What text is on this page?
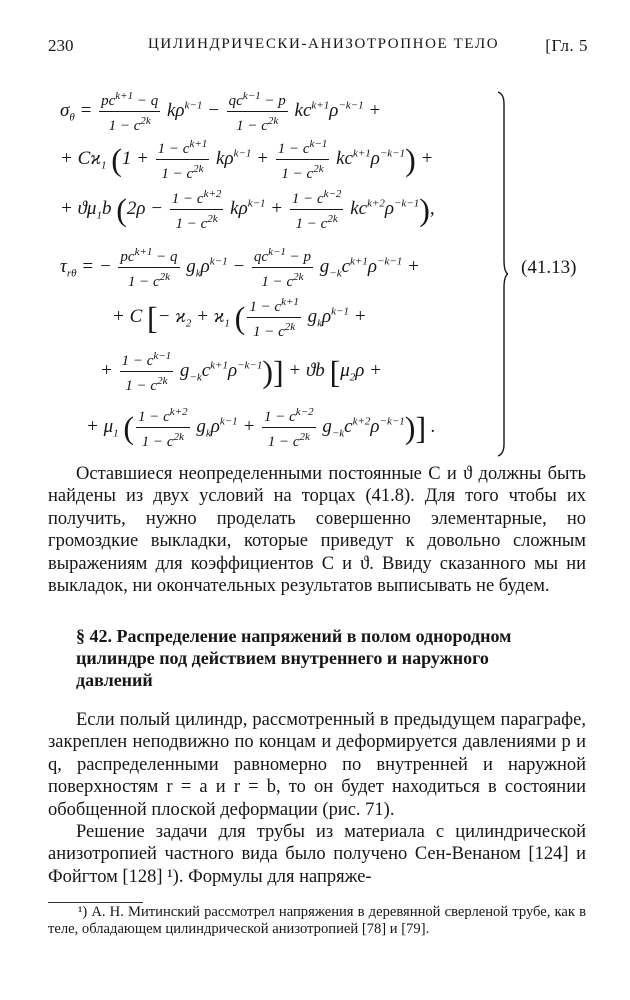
230	ЦИЛИНДРИЧЕСКИ-АНИЗОТРОПНОЕ ТЕЛО	[Гл. 5
$\sigma_\theta = \frac{pc^{k+1} - q}{1 - c^{2k}} k\rho^{k-1} - \frac{qc^{k-1} - p}{1 - c^{2k}} kc^{k+1}\rho^{-k-1}$ +
+ $Cϰ_1$ $(1 + \frac{1 - c^{k+1}}{1 - c^{2k}} k\rho^{k-1} + \frac{1 - c^{k-1}}{1 - c^{2k}} kc^{k+1}\rho^{-k-1})$ +
+ $ϑ\mu_1b$ $(2\rho - \frac{1 - c^{k+2}}{1 - c^{2k}} k\rho^{k-1} + \frac{1 - c^{k-2}}{1 - c^{2k}} kc^{k+2}\rho^{-k-1})$,
$\tau_{r\theta}$ = − $\frac{pc^{k+1} - q}{1 - c^{2k}} g_k\rho^{k-1} - \frac{qc^{k-1} - p}{1 - c^{2k}} g_{-k}c^{k+1}\rho^{-k-1}$ +
+ C [− $ϰ_2 + ϰ_1$ ( $\frac{1 - c^{k+1}}{1 - c^{2k}} g_k\rho^{k-1}$ +
+ $\frac{1 - c^{k-1}}{1 - c^{2k}} g_{-k}c^{k+1}\rho^{-k-1})] + ϑb$ [$\mu_2\rho$ +
+ $\mu_1$ ( $\frac{1 - c^{k+2}}{1 - c^{2k}} g_k\rho^{k-1} + \frac{1 - c^{k-2}}{1 - c^{2k}} g_{-k}c^{k+2}\rho^{-k-1}$)] .
(41.13)
Оставшиеся неопределенными постоянные C и ϑ должны быть найдены из двух условий на торцах (41.8). Для того чтобы их получить, нужно проделать совершенно элементарные, но громоздкие выкладки, которые приведут к довольно сложным выражениям для коэффициентов C и ϑ. Ввиду сказанного мы ни выкладок, ни окончательных результатов выписывать не будем.
§ 42. Распределение напряжений в полом однородном цилиндре под действием внутреннего и наружного давлений
Если полый цилиндр, рассмотренный в предыдущем параграфе, закреплен неподвижно по концам и деформируется давлениями p и q, распределенными равномерно по внутренней и наружной поверхностям r = a и r = b, то он будет находиться в состоянии обобщенной плоской деформации (рис. 71).
Решение задачи для трубы из материала с цилиндрической анизотропией частного вида было получено Сен-Венаном [124] и Фойгтом [128] ¹). Формулы для напряже-
¹) А. Н. Митинский рассмотрел напряжения в деревянной сверленой трубе, как в теле, обладающем цилиндрической анизотропией [78] и [79].
